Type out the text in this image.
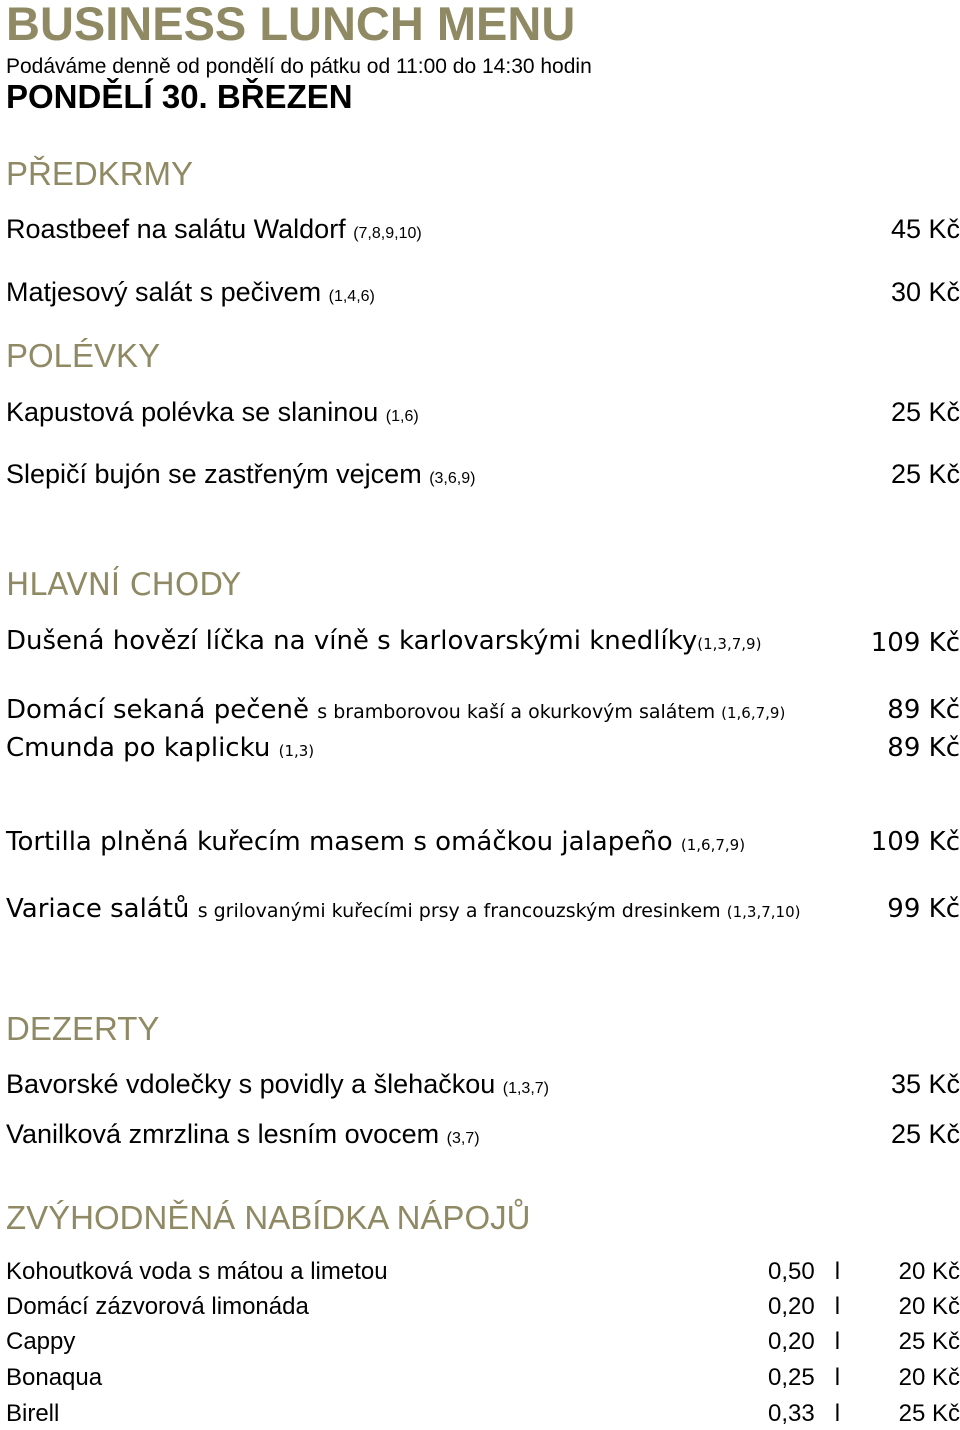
BUSINESS LUNCH MENU
Podáváme denně od pondělí do pátku od 11:00 do 14:30 hodin
PONDĚLÍ 30. BŘEZEN
PŘEDKRMY
Roastbeef na salátu Waldorf (7,8,9,10)	45 Kč
Matjesový salát s pečivem (1,4,6)	30 Kč
POLÉVKY
Kapustová polévka se slaninou (1,6)	25 Kč
Slepičí bujón se zastřeným vejcem (3,6,9)	25 Kč
HLAVNÍ CHODY
Dušená hovězí líčka na víně s karlovarskými knedlíky(1,3,7,9)	109 Kč
Domácí sekaná pečeně s bramborovou kaší a okurkovým salátem (1,6,7,9)	89 Kč
Cmunda po kaplicku (1,3)	89 Kč
Tortilla plněná kuřecím masem s omáčkou jalapeño (1,6,7,9)	109 Kč
Variace salátů s grilovanými kuřecími prsy a francouzským dresinkem (1,3,7,10)	99 Kč
DEZERTY
Bavorské vdolečky s povidly a šlehačkou (1,3,7)	35 Kč
Vanilková zmrzlina s lesním ovocem (3,7)	25 Kč
ZVÝHODNĚNÁ NABÍDKA NÁPOJŮ
Kohoutková voda s mátou a limetou	0,50   l 20 Kč
Domácí zázvorová limonáda	0,20   l 20 Kč
Cappy	0,20   l 25 Kč
Bonaqua	0,25   l 20 Kč
Birell	0,33   l 25 Kč
